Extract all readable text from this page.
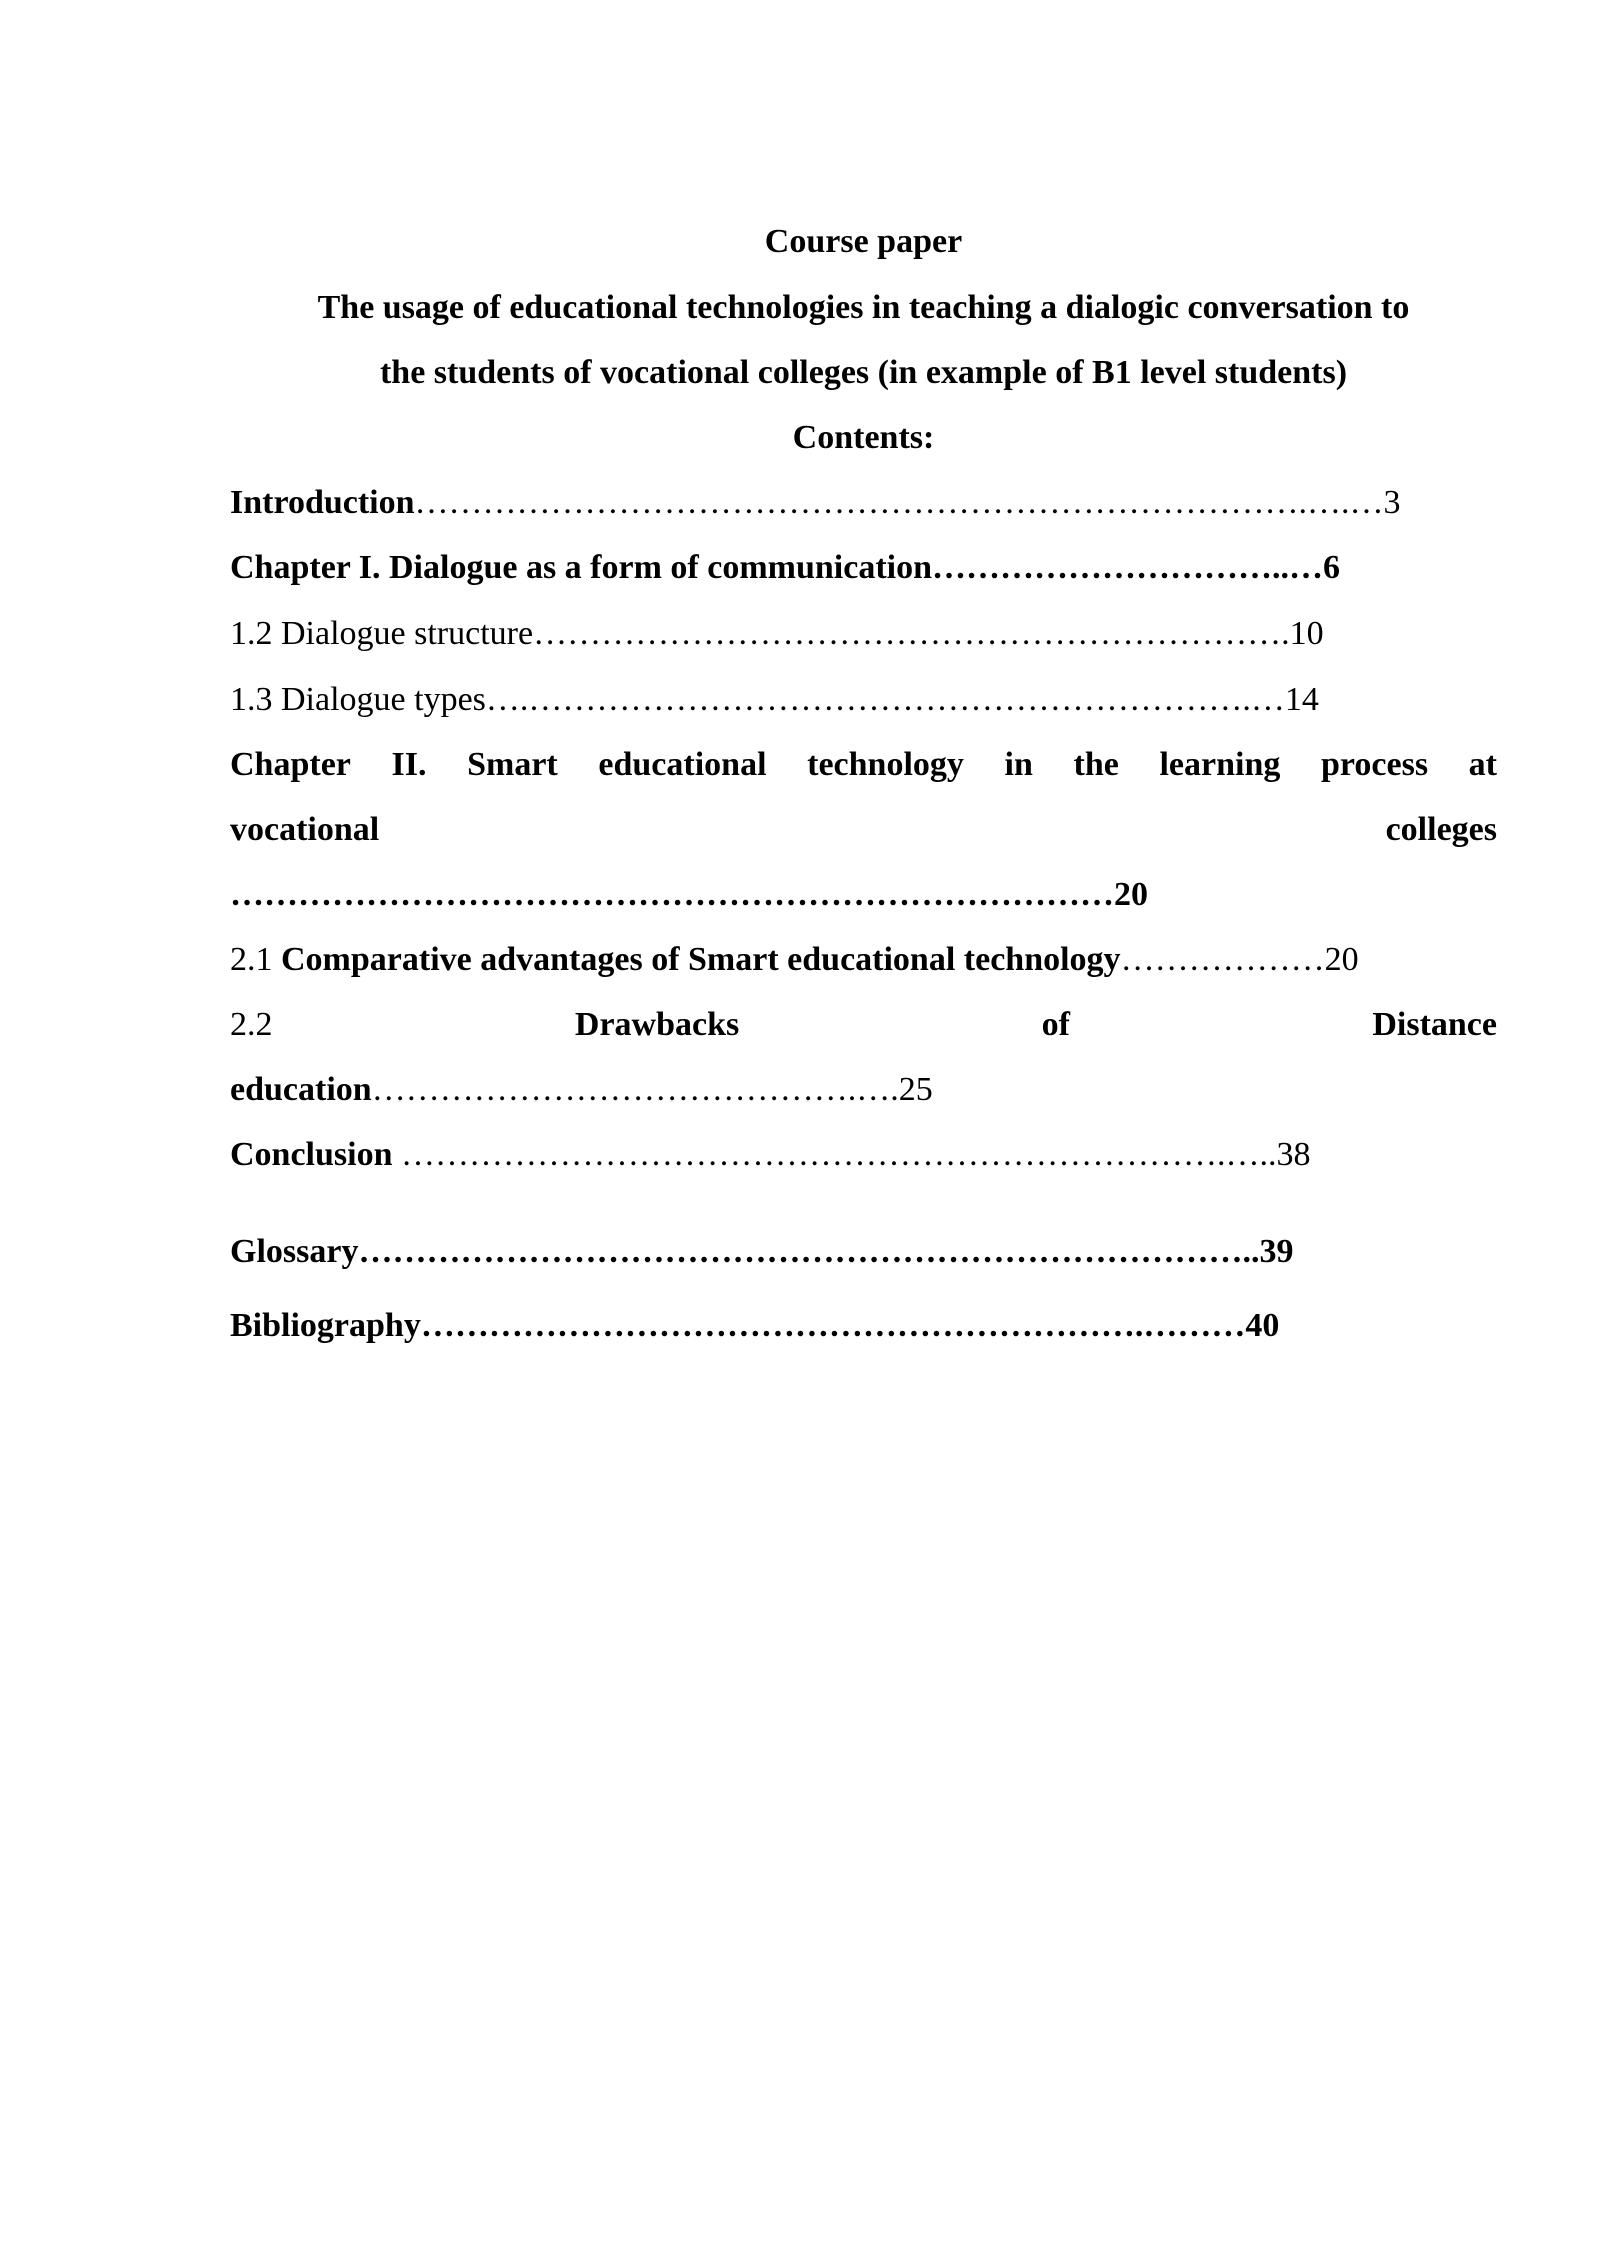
Course paper
The usage of educational technologies in teaching a dialogic conversation to
the students of vocational colleges (in example of B1 level students)
Contents:
Introduction …………………………………………………………………….….… 3
Chapter I. Dialogue as a form of communication …………………………..… 6
1.2 Dialogue structure …………………………………………………………. 10
1.3 Dialogue types ….……………………………………………………….… 14
Chapter II. Smart educational technology in the learning process at
vocational	colleges
…………………………………………………………………… 20
2.1 Comparative advantages of Smart educational technology ……………… 20
2.2	Drawbacks	of	Distance
education …………………………………….…. 25
Conclusion ……………………………………………………………….…. .38
Glossary ……………………………………………………………………. .39
Bibliography ……………………………………………………….……… 40
